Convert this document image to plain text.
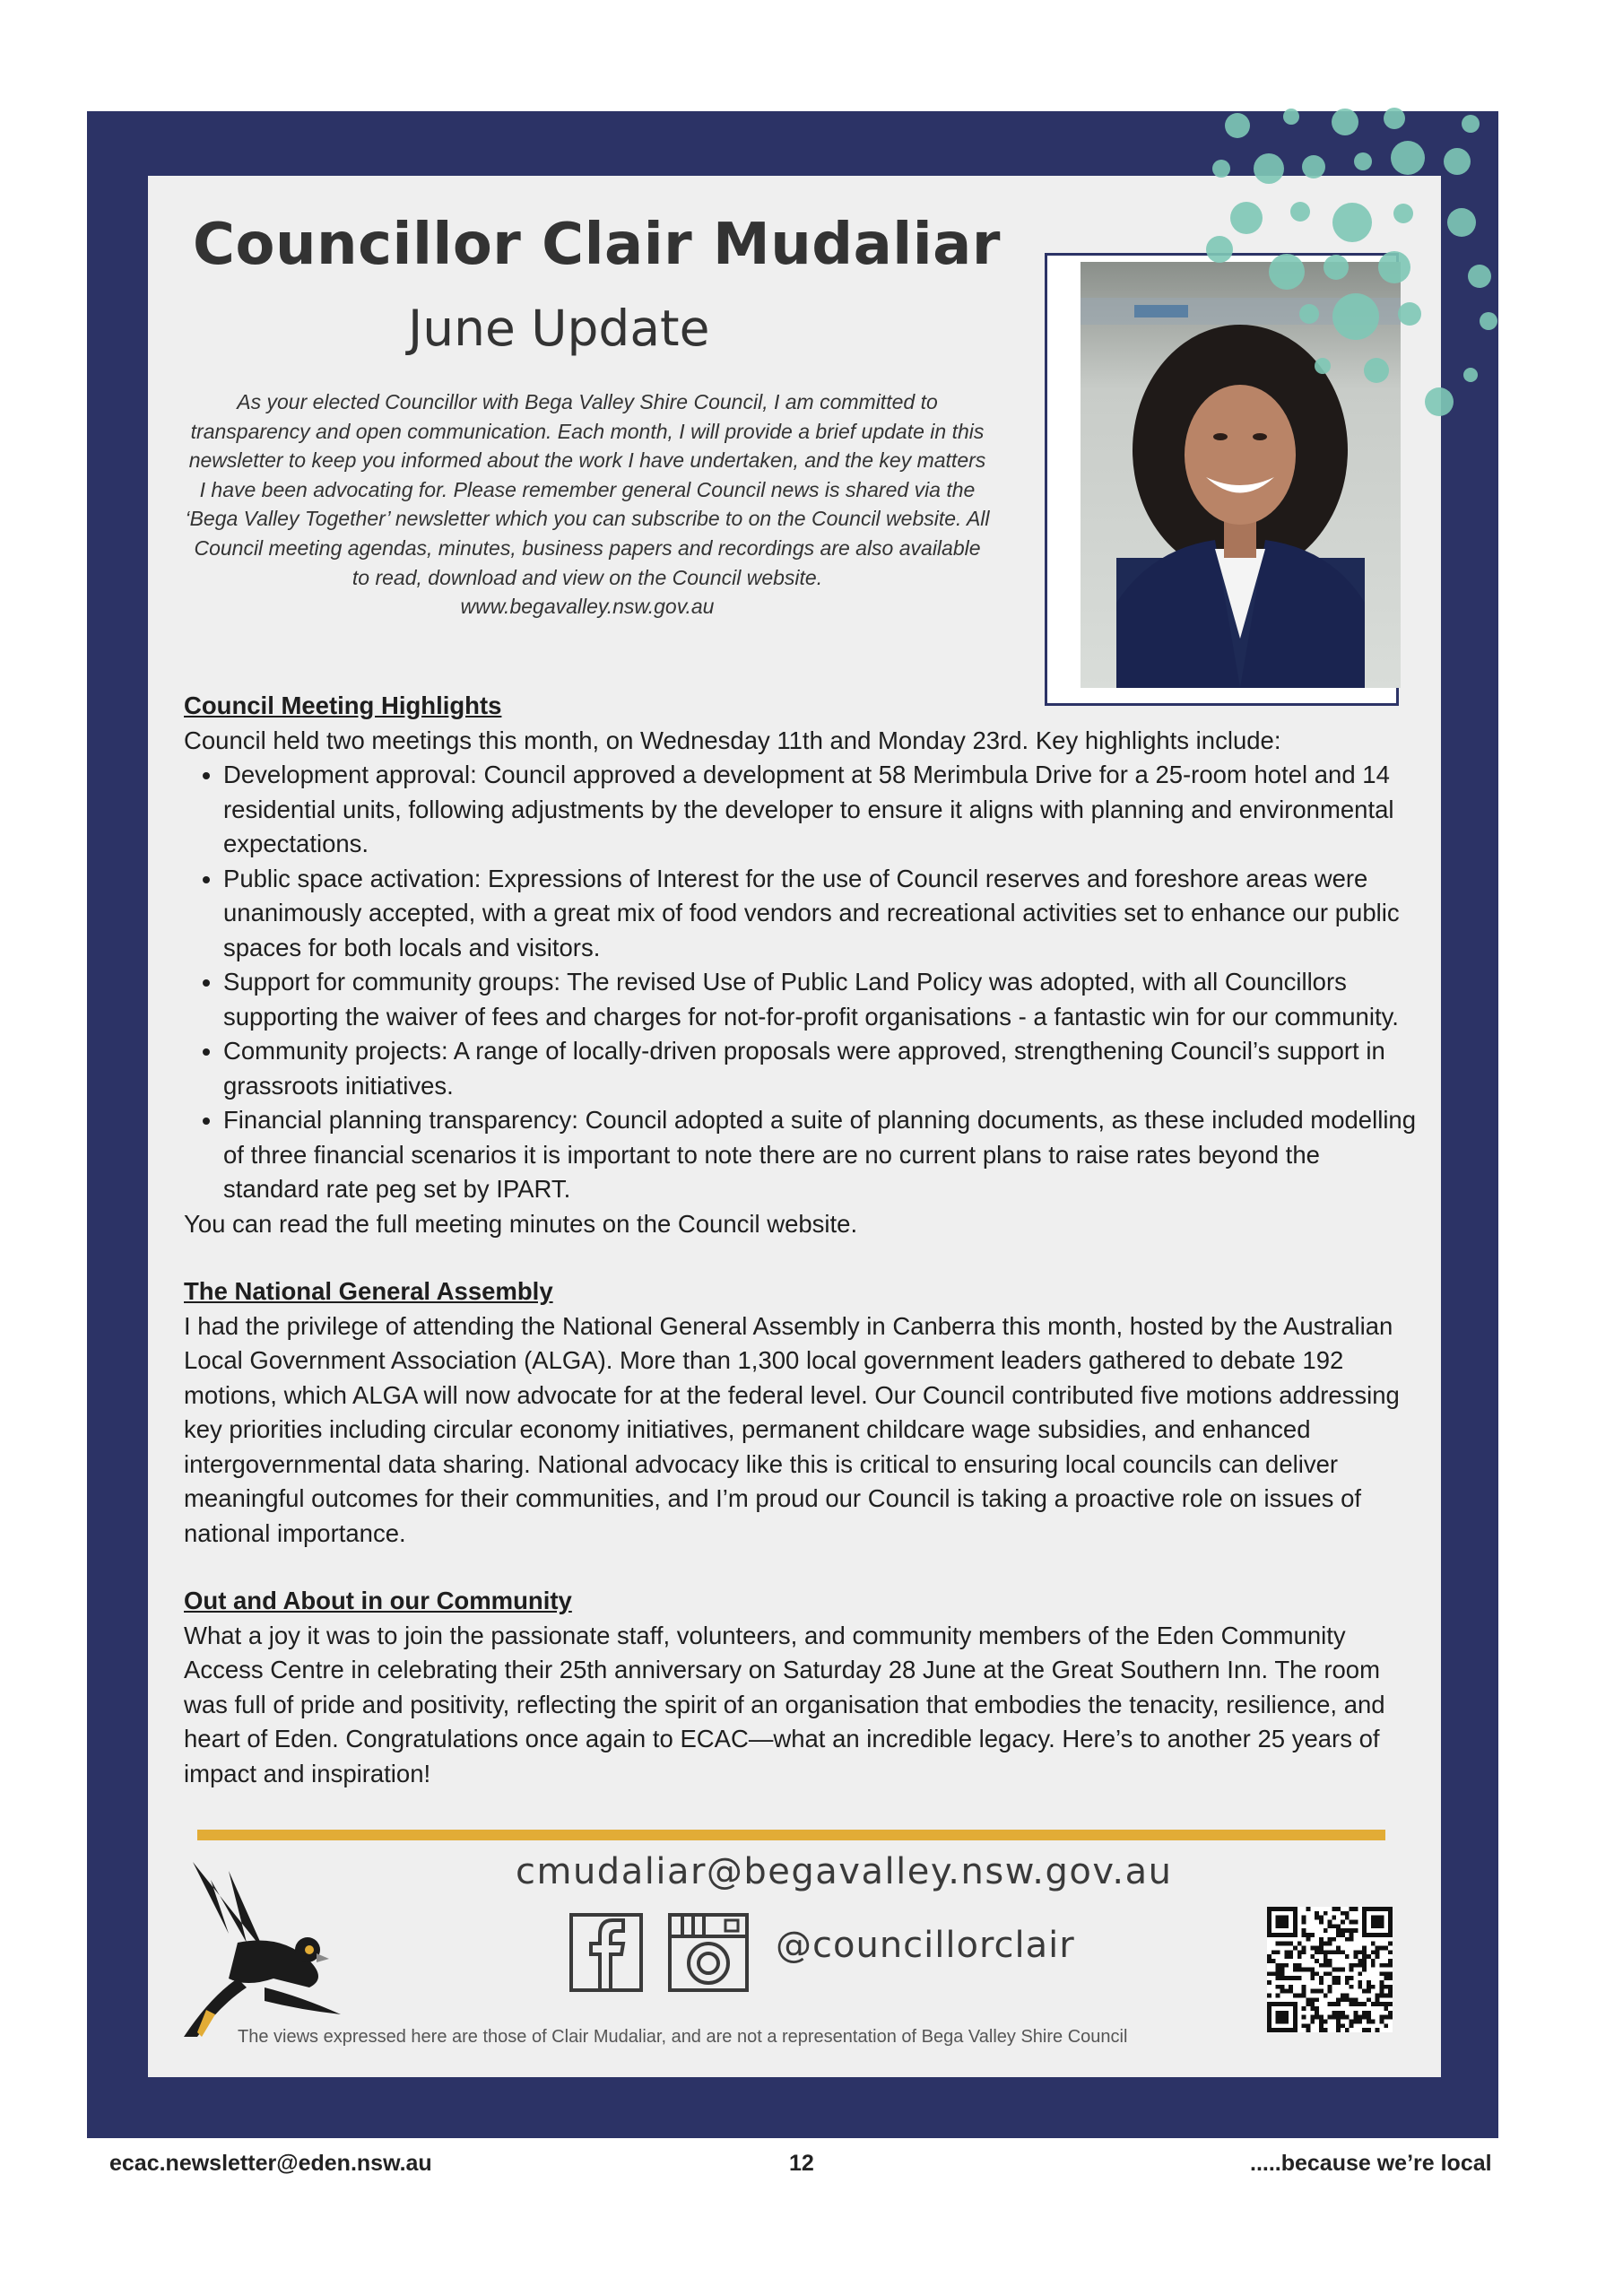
Councillor Clair Mudaliar
June Update
As your elected Councillor with Bega Valley Shire Council, I am committed to transparency and open communication. Each month, I will provide a brief update in this newsletter to keep you informed about the work I have undertaken, and the key matters I have been advocating for. Please remember general Council news is shared via the ‘Bega Valley Together’ newsletter which you can subscribe to on the Council website. All Council meeting agendas, minutes, business papers and recordings are also available to read, download and view on the Council website.
www.begavalley.nsw.gov.au
Council Meeting Highlights
Council held two meetings this month, on Wednesday 11th and Monday 23rd. Key highlights include:
• Development approval: Council approved a development at 58 Merimbula Drive for a 25-room hotel and 14 residential units, following adjustments by the developer to ensure it aligns with planning and environmental expectations.
• Public space activation: Expressions of Interest for the use of Council reserves and foreshore areas were unanimously accepted, with a great mix of food vendors and recreational activities set to enhance our public spaces for both locals and visitors.
• Support for community groups: The revised Use of Public Land Policy was adopted, with all Councillors supporting the waiver of fees and charges for not-for-profit organisations - a fantastic win for our community.
• Community projects: A range of locally-driven proposals were approved, strengthening Council’s support in grassroots initiatives.
• Financial planning transparency: Council adopted a suite of planning documents, as these included modelling of three financial scenarios it is important to note there are no current plans to raise rates beyond the standard rate peg set by IPART.
You can read the full meeting minutes on the Council website.
The National General Assembly
I had the privilege of attending the National General Assembly in Canberra this month, hosted by the Australian Local Government Association (ALGA). More than 1,300 local government leaders gathered to debate 192 motions, which ALGA will now advocate for at the federal level. Our Council contributed five motions addressing key priorities including circular economy initiatives, permanent childcare wage subsidies, and enhanced intergovernmental data sharing. National advocacy like this is critical to ensuring local councils can deliver meaningful outcomes for their communities, and I’m proud our Council is taking a proactive role on issues of national importance.
Out and About in our Community
What a joy it was to join the passionate staff, volunteers, and community members of the Eden Community Access Centre in celebrating their 25th anniversary on Saturday 28 June at the Great Southern Inn. The room was full of pride and positivity, reflecting the spirit of an organisation that embodies the tenacity, resilience, and heart of Eden. Congratulations once again to ECAC—what an incredible legacy. Here’s to another 25 years of impact and inspiration!
cmudaliar@begavalley.nsw.gov.au
@councillorclair
The views expressed here are those of Clair Mudaliar, and are not a representation of Bega Valley Shire Council
ecac.newsletter@eden.nsw.au	12	.....because we’re local
